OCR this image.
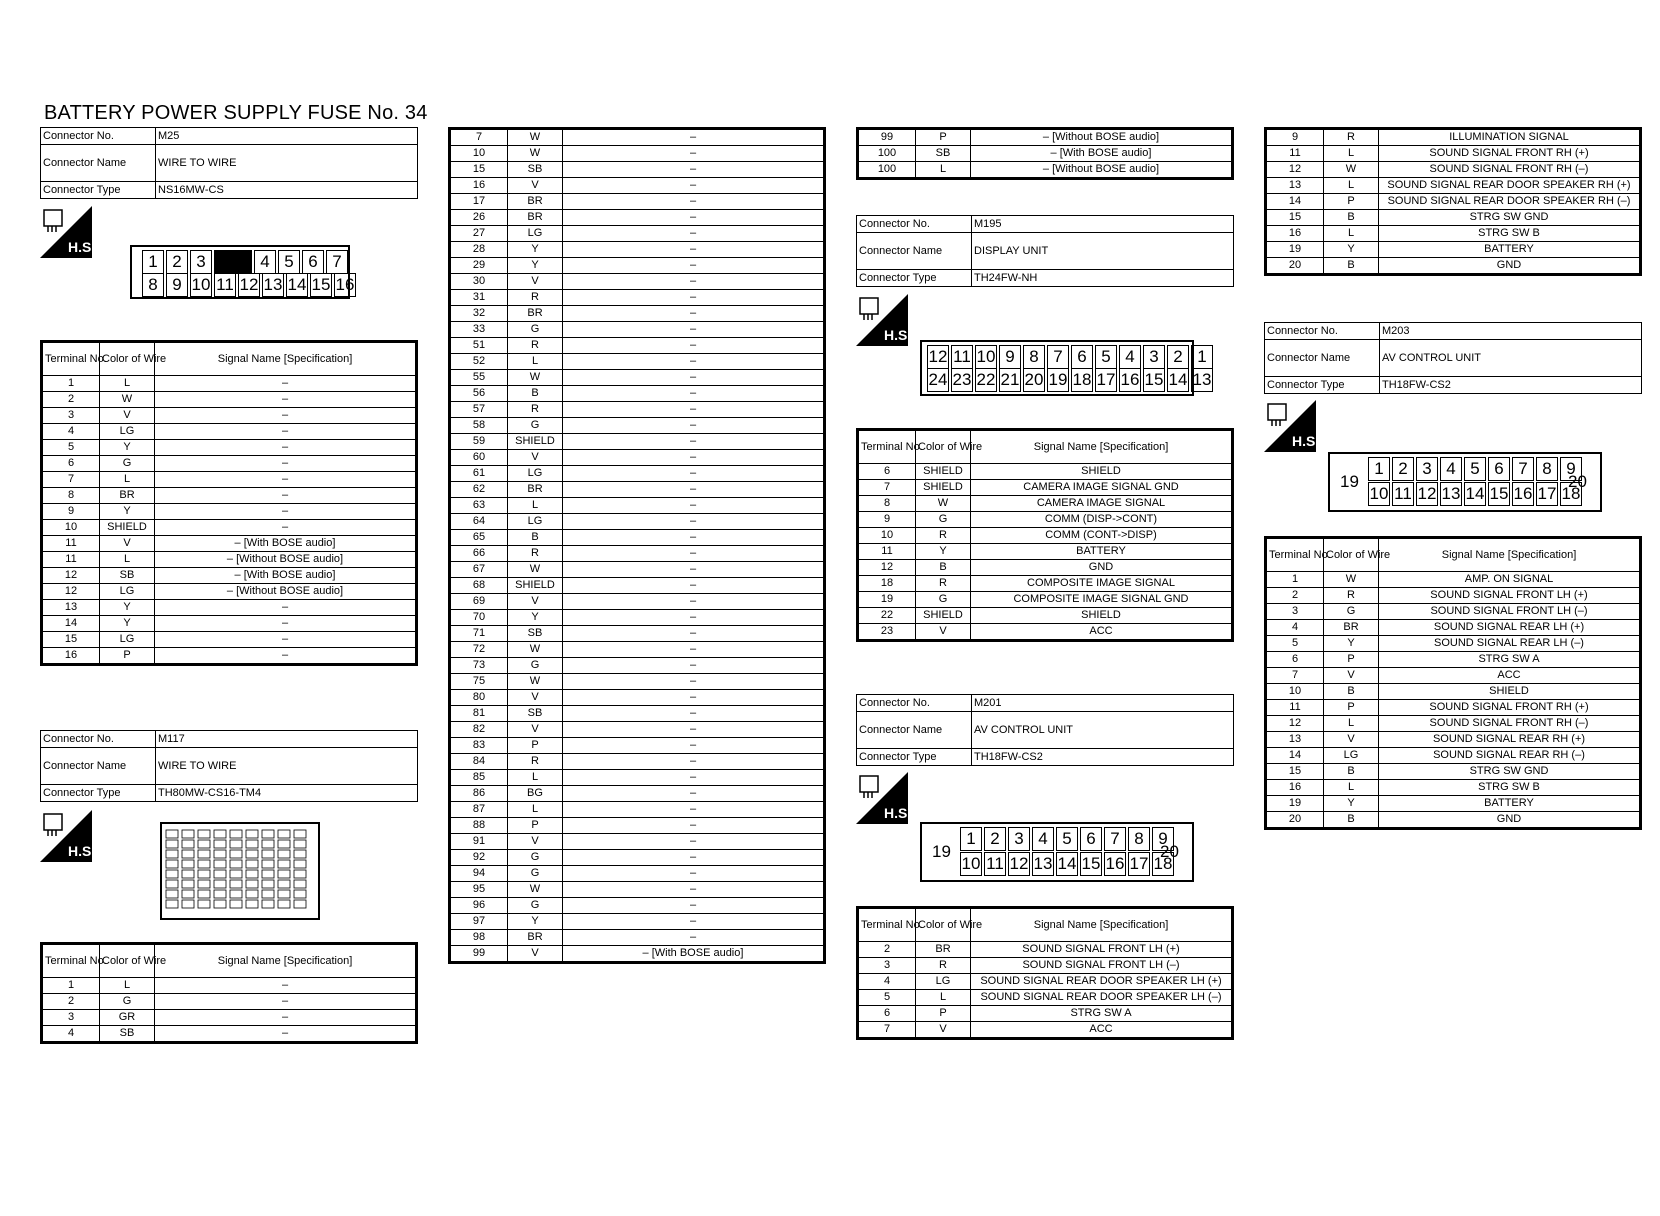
BATTERY POWER SUPPLY FUSE No. 34
Connector No.	M25
Connector Name	WIRE TO WIRE
Connector Type	NS16MW-CS
H.S.
1 2 3	4 5 6 7
8 9 10 11 12 13 14 15 16
Terminal No.	Color of Wire	Signal Name [Specification]
1	L	–
2	W	–
3	V	–
4	LG	–
5	Y	–
6	G	–
7	L	–
8	BR	–
9	Y	–
10	SHIELD	–
11	V	– [With BOSE audio]
11	L	– [Without BOSE audio]
12	SB	– [With BOSE audio]
12	LG	– [Without BOSE audio]
13	Y	–
14	Y	–
15	LG	–
16	P	–
Connector No.	M117
Connector Name	WIRE TO WIRE
Connector Type	TH80MW-CS16-TM4
H.S.
Terminal No.	Color of Wire	Signal Name [Specification]
1	L	–
2	G	–
3	GR	–
4	SB	–
7	W	–
10	W	–
15	SB	–
16	V	–
17	BR	–
26	BR	–
27	LG	–
28	Y	–
29	Y	–
30	V	–
31	R	–
32	BR	–
33	G	–
51	R	–
52	L	–
55	W	–
56	B	–
57	R	–
58	G	–
59	SHIELD	–
60	V	–
61	LG	–
62	BR	–
63	L	–
64	LG	–
65	B	–
66	R	–
67	W	–
68	SHIELD	–
69	V	–
70	Y	–
71	SB	–
72	W	–
73	G	–
75	W	–
80	V	–
81	SB	–
82	V	–
83	P	–
84	R	–
85	L	–
86	BG	–
87	L	–
88	P	–
91	V	–
92	G	–
94	G	–
95	W	–
96	G	–
97	Y	–
98	BR	–
99	V	– [With BOSE audio]
99	P	– [Without BOSE audio]
100	SB	– [With BOSE audio]
100	L	– [Without BOSE audio]
Connector No.	M195
Connector Name	DISPLAY UNIT
Connector Type	TH24FW-NH
H.S.
12 11 10 9 8 7 6 5 4 3 2 1
24 23 22 21 20 19 18 17 16 15 14 13
Terminal No.	Color of Wire	Signal Name [Specification]
6	SHIELD	SHIELD
7	SHIELD	CAMERA IMAGE SIGNAL GND
8	W	CAMERA IMAGE SIGNAL
9	G	COMM (DISP->CONT)
10	R	COMM (CONT->DISP)
11	Y	BATTERY
12	B	GND
18	R	COMPOSITE IMAGE SIGNAL
19	G	COMPOSITE IMAGE SIGNAL GND
22	SHIELD	SHIELD
23	V	ACC
Connector No.	M201
Connector Name	AV CONTROL UNIT
Connector Type	TH18FW-CS2
H.S.
19
1 2 3 4 5 6 7 8 9
10 11 12 13 14 15 16 17 18
20
Terminal No.	Color of Wire	Signal Name [Specification]
2	BR	SOUND SIGNAL FRONT LH (+)
3	R	SOUND SIGNAL FRONT LH (–)
4	LG	SOUND SIGNAL REAR DOOR SPEAKER LH (+)
5	L	SOUND SIGNAL REAR DOOR SPEAKER LH (–)
6	P	STRG SW A
7	V	ACC
9	R	ILLUMINATION SIGNAL
11	L	SOUND SIGNAL FRONT RH (+)
12	W	SOUND SIGNAL FRONT RH (–)
13	L	SOUND SIGNAL REAR DOOR SPEAKER RH (+)
14	P	SOUND SIGNAL REAR DOOR SPEAKER RH (–)
15	B	STRG SW GND
16	L	STRG SW B
19	Y	BATTERY
20	B	GND
Connector No.	M203
Connector Name	AV CONTROL UNIT
Connector Type	TH18FW-CS2
H.S.
19
1 2 3 4 5 6 7 8 9
10 11 12 13 14 15 16 17 18
20
Terminal No.	Color of Wire	Signal Name [Specification]
1	W	AMP. ON SIGNAL
2	R	SOUND SIGNAL FRONT LH (+)
3	G	SOUND SIGNAL FRONT LH (–)
4	BR	SOUND SIGNAL REAR LH (+)
5	Y	SOUND SIGNAL REAR LH (–)
6	P	STRG SW A
7	V	ACC
10	B	SHIELD
11	P	SOUND SIGNAL FRONT RH (+)
12	L	SOUND SIGNAL FRONT RH (–)
13	V	SOUND SIGNAL REAR RH (+)
14	LG	SOUND SIGNAL REAR RH (–)
15	B	STRG SW GND
16	L	STRG SW B
19	Y	BATTERY
20	B	GND
